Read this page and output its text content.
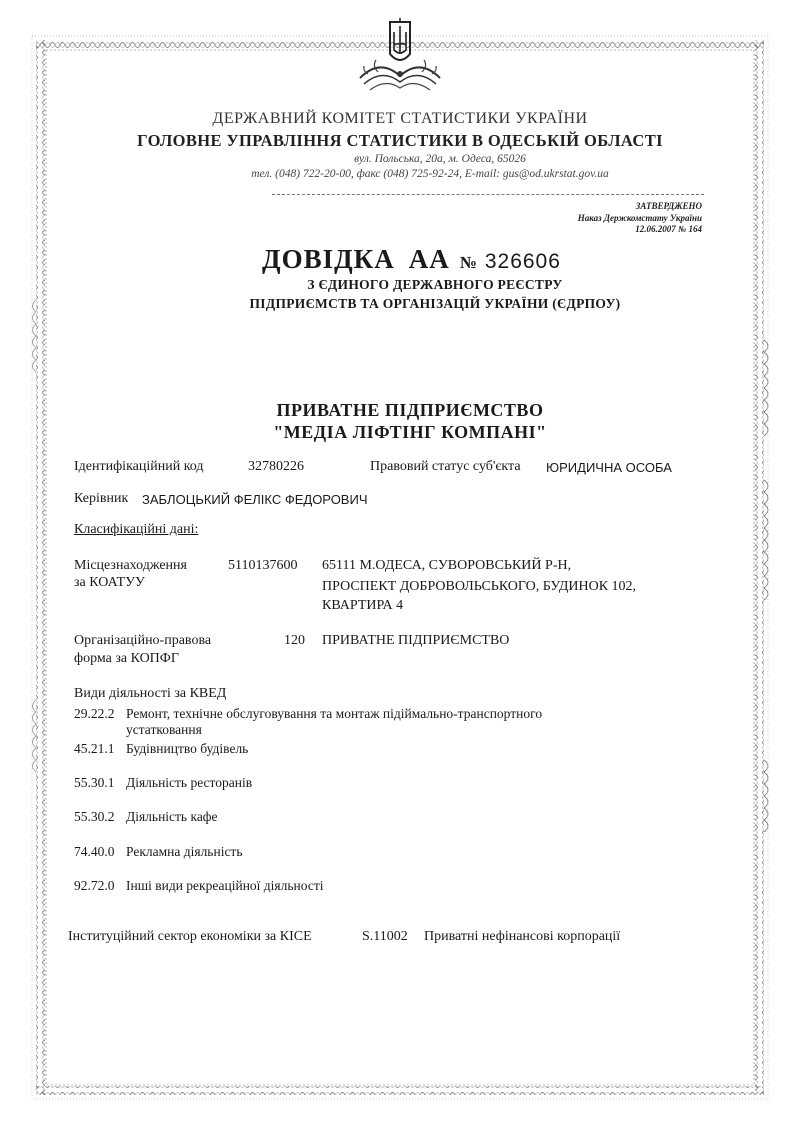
ДЕРЖАВНИЙ КОМІТЕТ СТАТИСТИКИ УКРАЇНИ
ГОЛОВНЕ УПРАВЛІННЯ СТАТИСТИКИ В ОДЕСЬКІЙ ОБЛАСТІ
вул. Польська, 20а, м. Одеса, 65026
тел. (048) 722-20-00, факс (048) 725-92-24, E-mail: gus@od.ukrstat.gov.ua
ЗАТВЕРДЖЕНО
Наказ Держкомстату України
12.06.2007 № 164
ДОВІДКА АА № 326606
З ЄДИНОГО ДЕРЖАВНОГО РЕЄСТРУ
ПІДПРИЄМСТВ ТА ОРГАНІЗАЦІЙ УКРАЇНИ (ЄДРПОУ)
ПРИВАТНЕ ПІДПРИЄМСТВО
"МЕДІА ЛІФТІНГ КОМПАНІ"
Ідентифікаційний код	32780226	Правовий статус суб'єкта ЮРИДИЧНА ОСОБА
Керівник ЗАБЛОЦЬКИЙ ФЕЛІКС ФЕДОРОВИЧ
Класифікаційні дані:
Місцезнаходження
за КОАТУУ
5110137600 65111 М.ОДЕСА, СУВОРОВСЬКИЙ Р-Н,
ПРОСПЕКТ ДОБРОВОЛЬСЬКОГО, БУДИНОК 102,
КВАРТИРА 4
Організаційно-правова
форма за КОПФГ
120 ПРИВАТНЕ ПІДПРИЄМСТВО
Види діяльності за КВЕД
29.22.2 Ремонт, технічне обслуговування та монтаж підіймально-транспортного
устатковання
45.21.1 Будівництво будівель
55.30.1 Діяльність ресторанів
55.30.2 Діяльність кафе
74.40.0 Рекламна діяльність
92.72.0 Інші види рекреаційної діяльності
Інституційний сектор економіки за КІСЕ	S.11002 Приватні нефінансові корпорації
